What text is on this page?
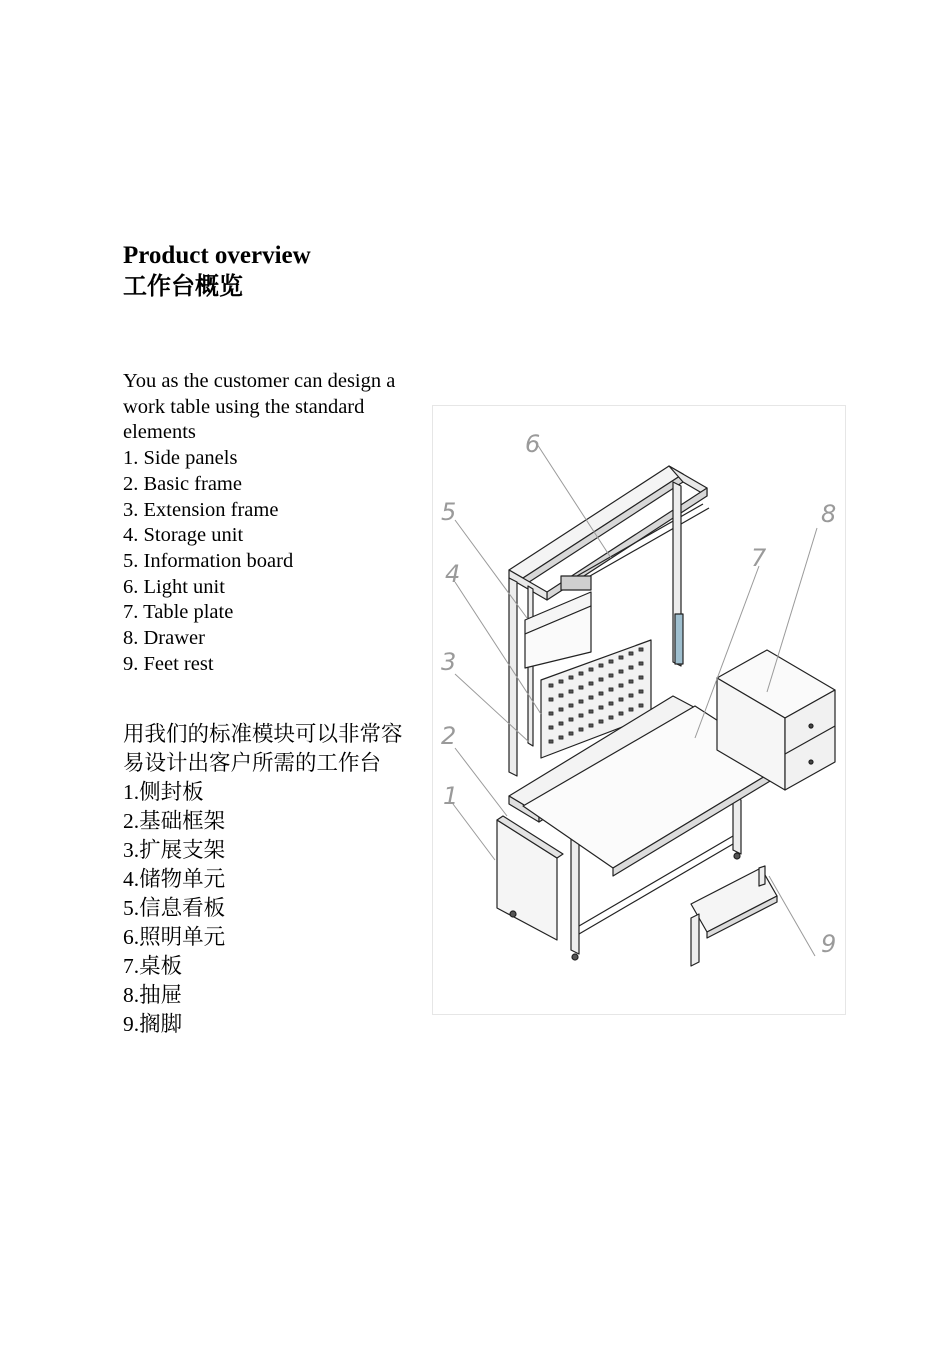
Product overview
工作台概览

You as the customer can design a work table using the standard elements

1. Side panels
2. Basic frame
3. Extension frame
4. Storage unit
5. Information board
6. Light unit
7. Table plate
8. Drawer
9. Feet rest

用我们的标准模块可以非常容易设计出客户所需的工作台

1.侧封板
2.基础框架
3.扩展支架
4.储物单元
5.信息看板
6.照明单元
7.桌板
8.抽屉
9.搁脚
1
2
3
4
5
6
7
8
9
